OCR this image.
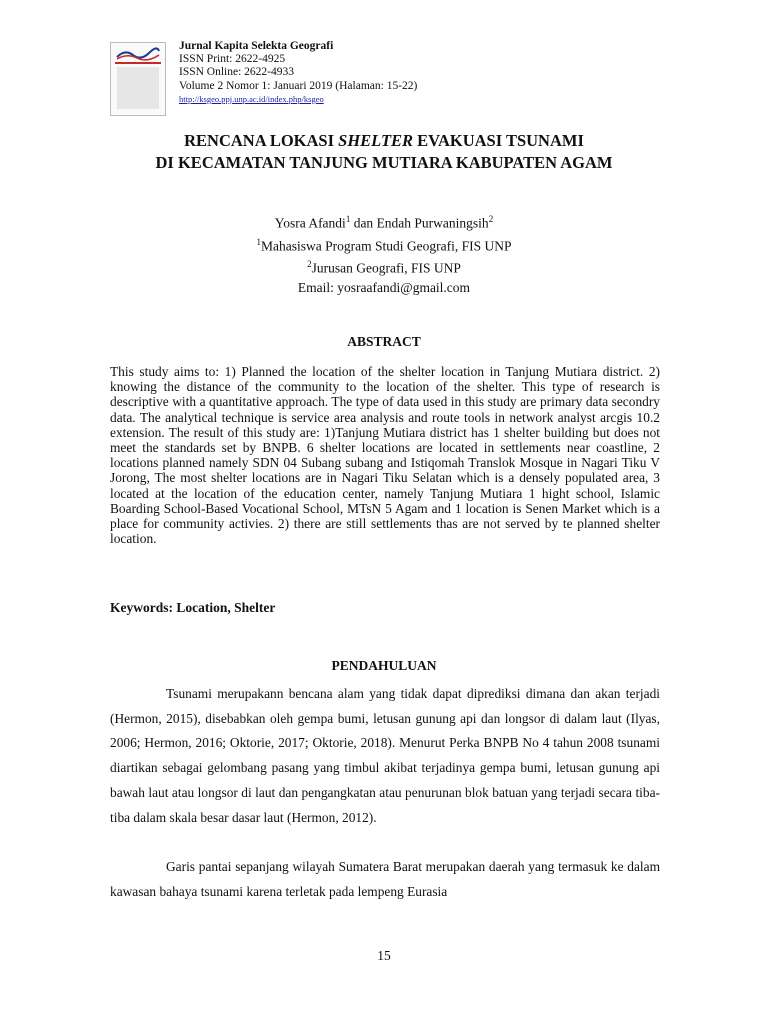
Jurnal Kapita Selekta Geografi
ISSN Print: 2622-4925
ISSN Online: 2622-4933
Volume 2 Nomor 1: Januari 2019 (Halaman: 15-22)
http://ksgeo.ppj.unp.ac.id/index.php/ksgeo
RENCANA LOKASI SHELTER EVAKUASI TSUNAMI
DI KECAMATAN TANJUNG MUTIARA KABUPATEN AGAM
Yosra Afandi$^1$ dan Endah Purwaningsih$^2$
$^1$Mahasiswa Program Studi Geografi, FIS UNP
$^2$Jurusan Geografi, FIS UNP
Email: yosraafandi@gmail.com
ABSTRACT

This study aims to: 1) Planned the location of the shelter location in Tanjung Mutiara district. 2) knowing the distance of the community to the location of the shelter. This type of research is descriptive with a quantitative approach. The type of data used in this study are primary data secondry data. The analytical technique is service area analysis and route tools in network analyst arcgis 10.2 extension. The result of this study are: 1)Tanjung Mutiara district has 1 shelter building but does not meet the standards set by BNPB. 6 shelter locations are located in settlements near coastline, 2 locations planned namely SDN 04 Subang subang and Istiqomah Translok Mosque in Nagari Tiku V Jorong, The most shelter locations are in Nagari Tiku Selatan which is a densely populated area, 3 located at the location of the education center, namely Tanjung Mutiara 1 hight school, Islamic Boarding School-Based Vocational School, MTsN 5 Agam and 1 location is Senen Market which is a place for community activies. 2) there are still settlements thas are not served by te planned shelter location.

Keywords: Location, Shelter
PENDAHULUAN

Tsunami merupakann bencana alam yang tidak dapat diprediksi dimana dan akan terjadi (Hermon, 2015), disebabkan oleh gempa bumi, letusan gunung api dan longsor di dalam laut (Ilyas, 2006; Hermon, 2016; Oktorie, 2017; Oktorie, 2018). Menurut Perka BNPB No 4 tahun 2008 tsunami diartikan sebagai gelombang pasang yang timbul akibat terjadinya gempa bumi, letusan gunung api bawah laut atau longsor di laut dan pengangkatan atau penurunan blok batuan yang terjadi secara tiba-tiba dalam skala besar dasar laut (Hermon, 2012).

Garis pantai sepanjang wilayah Sumatera Barat merupakan daerah yang termasuk ke dalam kawasan bahaya tsunami karena terletak pada lempeng Eurasia

15
